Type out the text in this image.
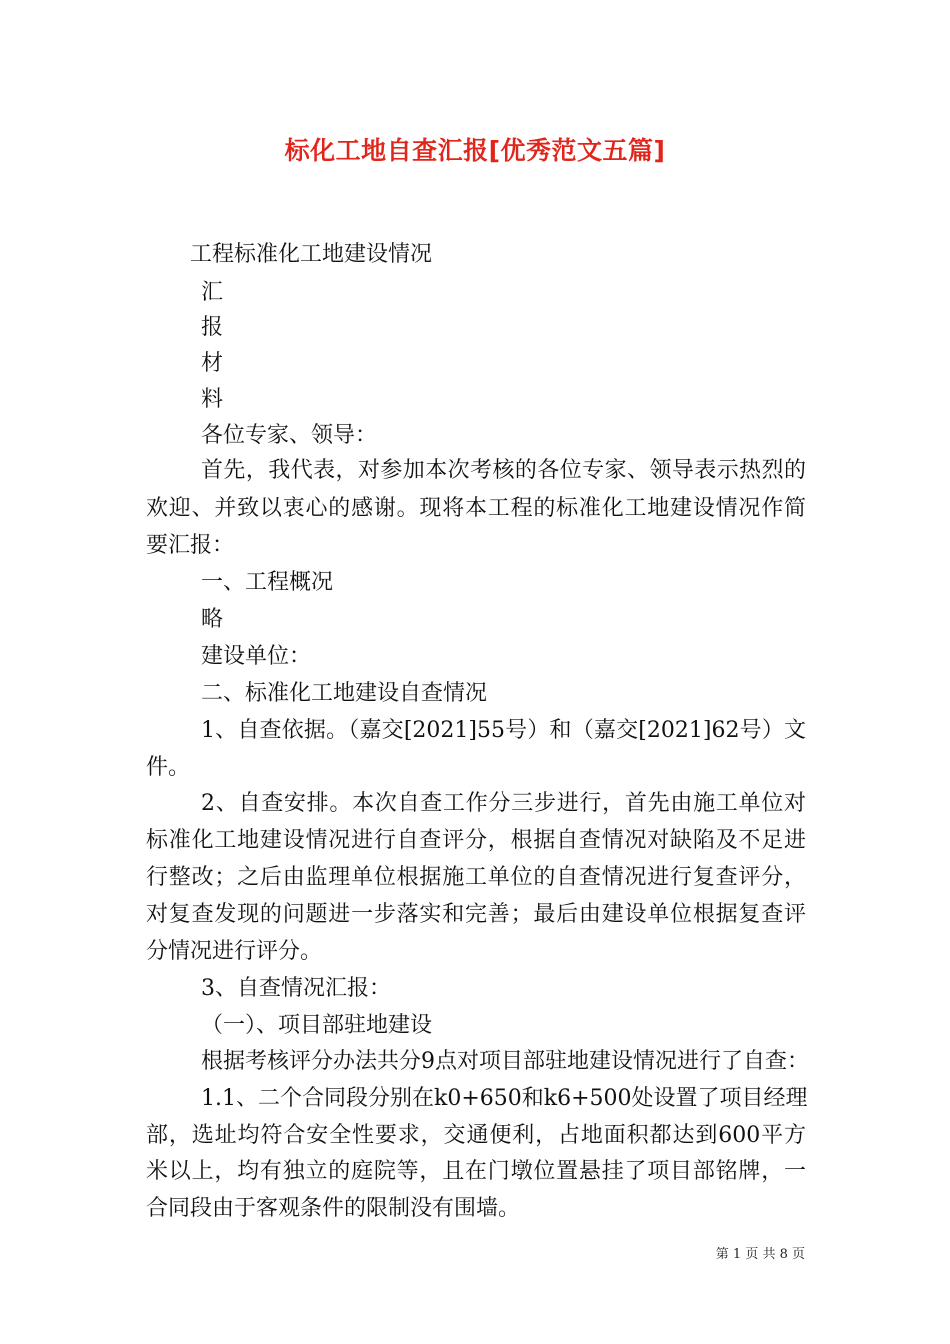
标化工地自查汇报[优秀范文五篇]
工程标准化工地建设情况
汇
报
材
料
各位专家、领导：
首先，我代表，对参加本次考核的各位专家、领导表示热烈的
欢迎、并致以衷心的感谢。现将本工程的标准化工地建设情况作简
要汇报：
一、工程概况
略
建设单位：
二、标准化工地建设自查情况
1、自查依据。（嘉交[2021]55号）和（嘉交[2021]62号）文
件。
2、自查安排。本次自查工作分三步进行，首先由施工单位对
标准化工地建设情况进行自查评分，根据自查情况对缺陷及不足进
行整改；之后由监理单位根据施工单位的自查情况进行复查评分，
对复查发现的问题进一步落实和完善；最后由建设单位根据复查评
分情况进行评分。
3、自查情况汇报：
（一）、项目部驻地建设
根据考核评分办法共分9点对项目部驻地建设情况进行了自查：
1.1、二个合同段分别在k0+650和k6+500处设置了项目经理
部，选址均符合安全性要求，交通便利，占地面积都达到600平方
米以上，均有独立的庭院等，且在门墩位置悬挂了项目部铭牌，一
合同段由于客观条件的限制没有围墙。
第 1 页 共 8 页
